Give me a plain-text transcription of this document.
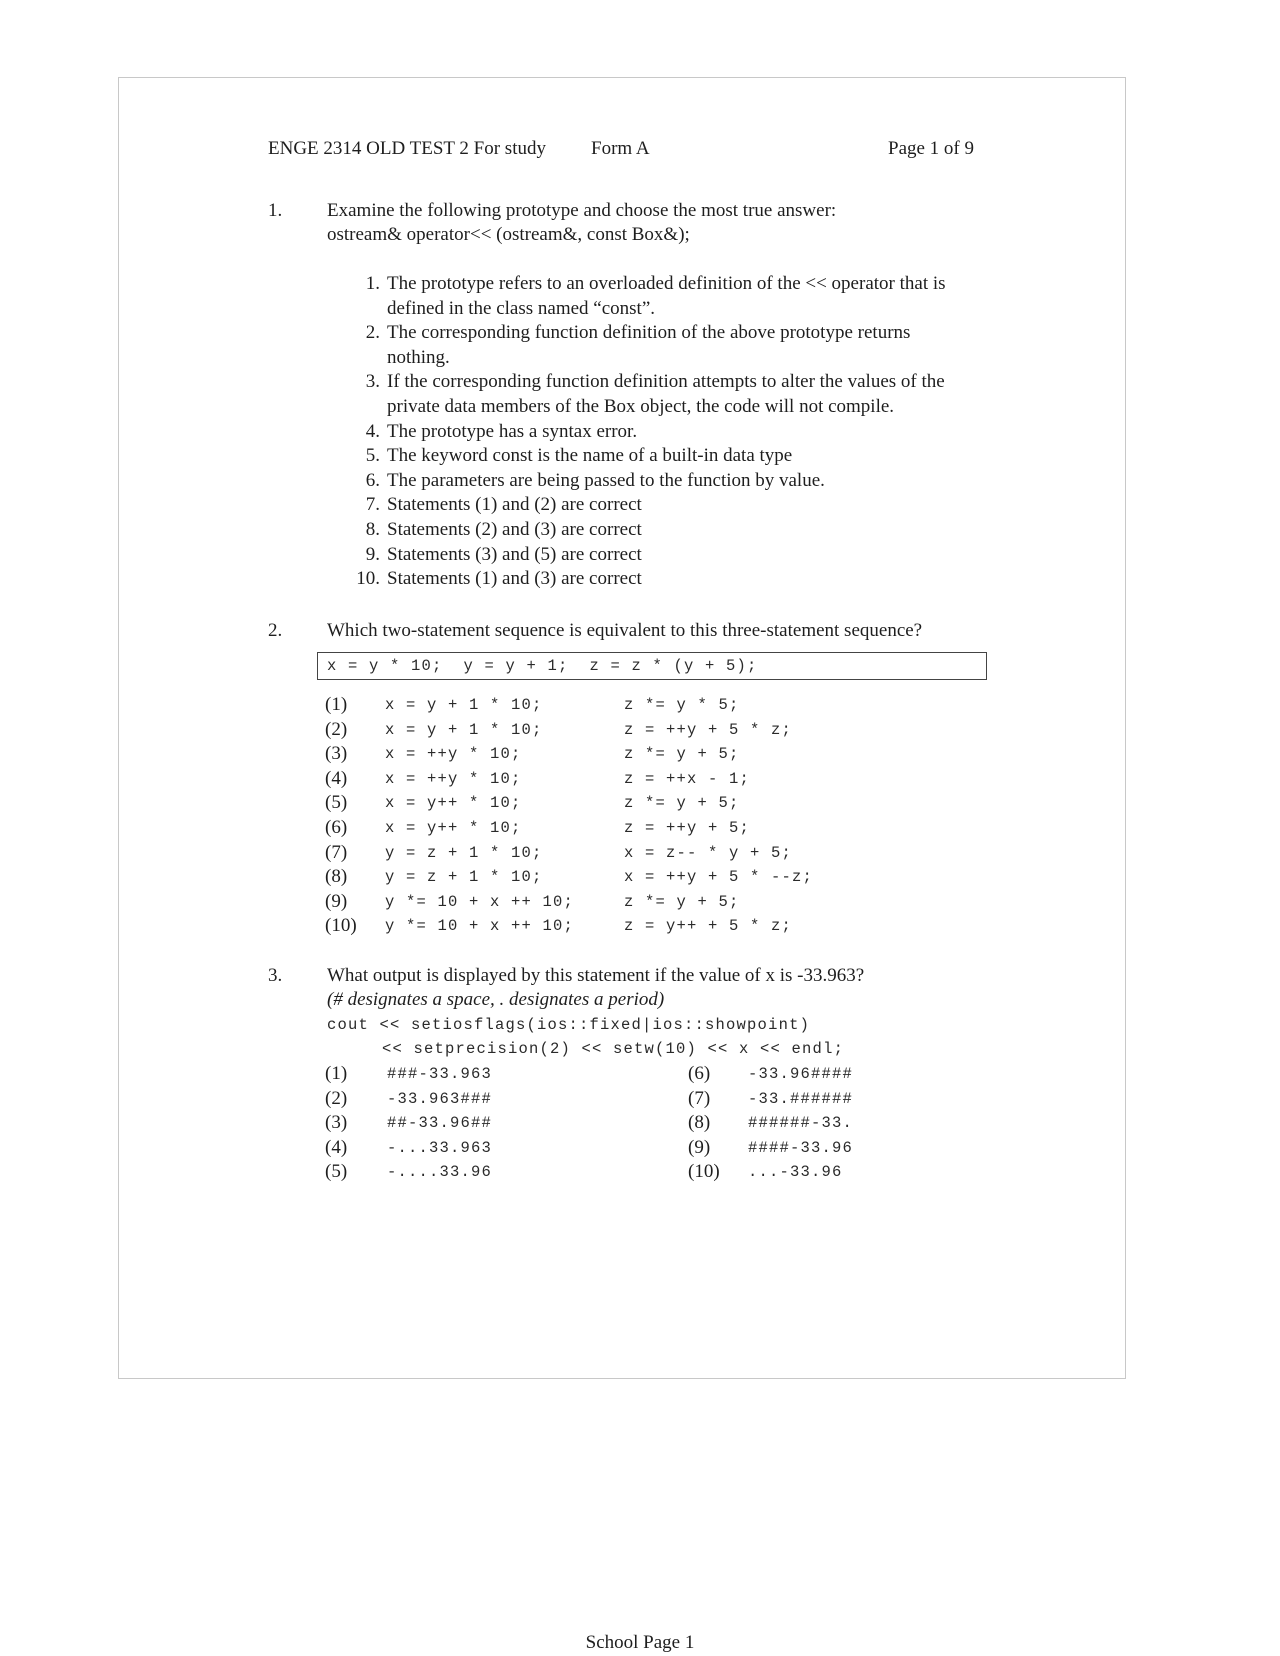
ENGE 2314 OLD TEST 2 For study Form A	Page 1 of 9
1. Examine the following prototype and choose the most true answer:
ostream& operator<< (ostream&, const Box&);
1. The prototype refers to an overloaded definition of the << operator that is
defined in the class named “const”.
2. The corresponding function definition of the above prototype returns
nothing.
3. If the corresponding function definition attempts to alter the values of the
private data members of the Box object, the code will not compile.
4. The prototype has a syntax error.
5. The keyword const is the name of a built-in data type
6. The parameters are being passed to the function by value.
7. Statements (1) and (2) are correct
8. Statements (2) and (3) are correct
9. Statements (3) and (5) are correct
10. Statements (1) and (3) are correct
2. Which two-statement sequence is equivalent to this three-statement sequence?
x = y * 10;  y = y + 1;  z = z * (y + 5);
(1) x = y + 1 * 10;	z *= y * 5;
(2) x = y + 1 * 10;	z = ++y + 5 * z;
(3) x = ++y * 10;	z *= y + 5;
(4) x = ++y * 10;	z = ++x - 1;
(5) x = y++ * 10;	z *= y + 5;
(6) x = y++ * 10;	z = ++y + 5;
(7) y = z + 1 * 10;	x = z-- * y + 5;
(8) y = z + 1 * 10;	x = ++y + 5 * --z;
(9) y *= 10 + x ++ 10;	z *= y + 5;
(10) y *= 10 + x ++ 10;	z = y++ + 5 * z;
3. What output is displayed by this statement if the value of x is -33.963?
(# designates a space, . designates a period)
cout << setiosflags(ios::fixed|ios::showpoint)
<< setprecision(2) << setw(10) << x << endl;
(1)	###-33.963
(2)	-33.963###
(3)	##-33.96##
(4)	-...33.963
(5)	-....33.96
(6) -33.96####
(7) -33.######
(8) ######-33.
(9) ####-33.96
(10) ...-33.96
School Page 1
